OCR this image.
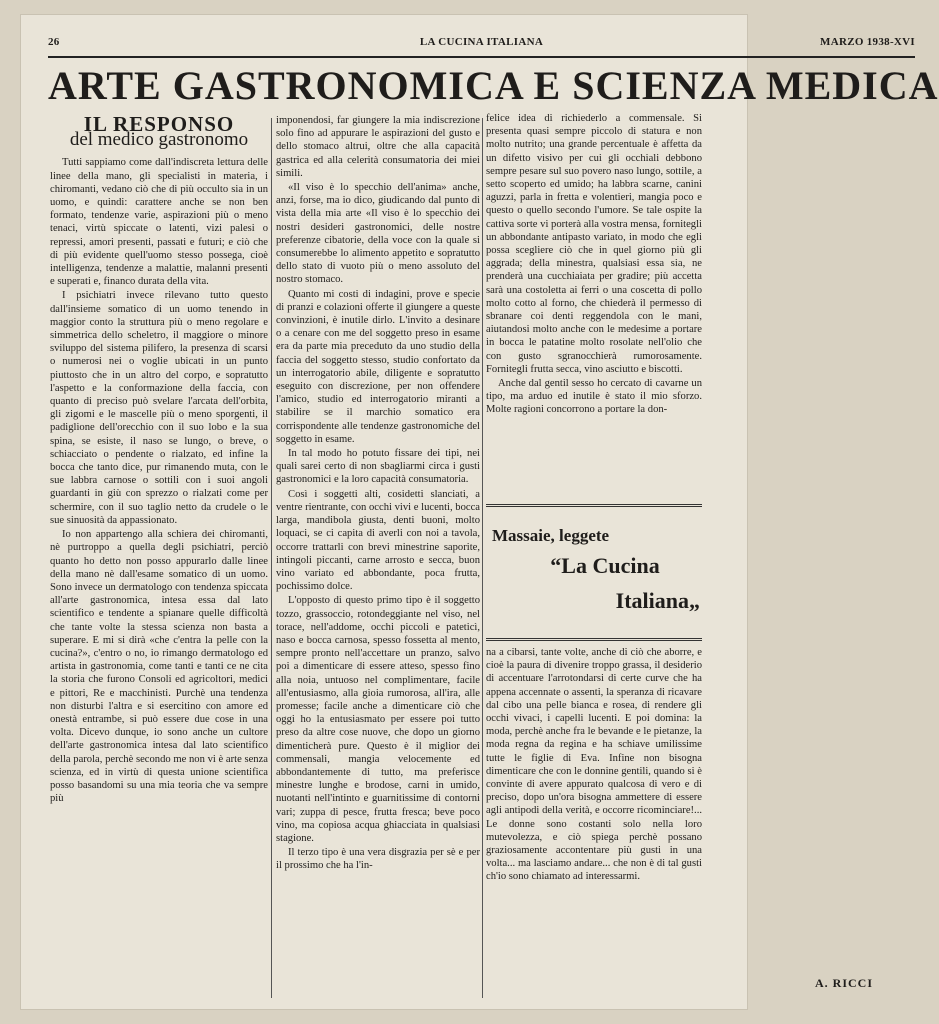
26	LA CUCINA ITALIANA	MARZO 1938-XVI
ARTE GASTRONOMICA E SCIENZA MEDICA
IL RESPONSO
del medico gastronomo

Tutti sappiamo come dall'indiscreta lettura delle linee della mano, gli specialisti in materia, i chiromanti, vedano ciò che di più occulto sia in un uomo, e quindi: carattere anche se non ben formato, tendenze varie, aspirazioni più o meno tenaci, virtù spiccate o latenti, vizi palesi o repressi, amori presenti, passati e futuri; e ciò che di più evidente quell'uomo stesso possega, cioè intelligenza, tendenze a malattie, malanni presenti e superati e, financo durata della vita.

I psichiatri invece rilevano tutto questo dall'insieme somatico di un uomo tenendo in maggior conto la struttura più o meno regolare e simmetrica dello scheletro, il maggiore o minore sviluppo del sistema pilifero, la presenza di scarsi o numerosi nei o voglie ubicati in un punto piuttosto che in un altro del corpo, e sopratutto l'aspetto e la conformazione della faccia, con quanto di preciso può svelare l'arcata dell'orbita, gli zigomi e le mascelle più o meno sporgenti, il padiglione dell'orecchio con il suo lobo e la sua spina, se esiste, il naso se lungo, o breve, o schiacciato o pendente o rialzato, ed infine la bocca che tanto dice, pur rimanendo muta, con le sue labbra carnose o sottili con i suoi angoli guardanti in giù con sprezzo o rialzati come per schermire, con il suo taglio netto da crudele o le sue sinuosità da appassionato.

Io non appartengo alla schiera dei chiromanti, nè purtroppo a quella degli psichiatri, perciò quanto ho detto non posso appurarlo dalle linee della mano nè dall'esame somatico di un uomo. Sono invece un dermatologo con tendenza spiccata all'arte gastronomica, intesa essa dal lato scientifico e tendente a spianare quelle difficoltà che tante volte la stessa scienza non basta a superare. E mi si dirà «che c'entra la pelle con la cucina?», c'entro o no, io rimango dermatologo ed artista in gastronomia, come tanti e tanti ce ne cita la storia che furono Consoli ed agricoltori, medici e pittori, Re e macchinisti. Purchè una tendenza non disturbi l'altra e si esercitino con amore ed onestà entrambe, si può essere due cose in una volta. Dicevo dunque, io sono anche un cultore dell'arte gastronomica intesa dal lato scientifico della parola, perchè secondo me non vi è arte senza scienza, ed in virtù di questa unione scientifica posso basandomi su una mia teoria che va sempre più

imponendosi, far giungere la mia indiscrezione solo fino ad appurare le aspirazioni del gusto e dello stomaco altrui, oltre che alla capacità gastrica ed alla celerità consumatoria dei miei simili.

«Il viso è lo specchio dell'anima» anche, anzi, forse, ma io dico, giudicando dal punto di vista della mia arte «Il viso è lo specchio dei nostri desideri gastronomici, delle nostre preferenze cibatorie, della voce con la quale si consumerebbe lo alimento appetito e sopratutto dello stato di vuoto più o meno assoluto del nostro stomaco.

Quanto mi costi di indagini, prove e specie di pranzi e colazioni offerte il giungere a queste convinzioni, è inutile dirlo. L'invito a desinare o a cenare con me del soggetto preso in esame era da parte mia preceduto da uno studio della faccia del soggetto stesso, studio confortato da un interrogatorio abile, diligente e sopratutto eseguito con discrezione, per non offendere l'amico, studio ed interrogatorio miranti a stabilire se il marchio somatico era corrispondente alle tendenze gastronomiche del soggetto in esame.

In tal modo ho potuto fissare dei tipi, nei quali sarei certo di non sbagliarmi circa i gusti gastronomici e la loro capacità consumatoria.

Così i soggetti alti, cosidetti slanciati, a ventre rientrante, con occhi vivi e lucenti, bocca larga, mandibola giusta, denti buoni, molto loquaci, se ci capita di averli con noi a tavola, occorre trattarli con brevi minestrine saporite, intingoli piccanti, carne arrosto e secca, buon vino variato ed abbondante, poca frutta, pochissimo dolce.

L'opposto di questo primo tipo è il soggetto tozzo, grassoccio, rotondeggiante nel viso, nel torace, nell'addome, occhi piccoli e pateticì, naso e bocca carnosa, spesso fossetta al mento, sempre pronto nell'accettare un pranzo, salvo poi a dimenticare di essere atteso, spesso fino alla noia, untuoso nel complimentare, facile all'entusiasmo, alla gioia rumorosa, all'ira, alle promesse; facile anche a dimenticare ciò che oggi ho la entusiasmato per essere poi tutto preso da altre cose nuove, che dopo un giorno dimenticherà pure. Questo è il miglior dei commensali, mangia velocemente ed abbondantemente di tutto, ma preferisce minestre lunghe e brodose, carni in umido, nuotanti nell'intinto e guarnitissime di contorni vari; zuppa di pesce, frutta fresca; beve poco vino, ma copiosa acqua ghiacciata in qualsiasi stagione.

Il terzo tipo è una vera disgrazia per sè e per il prossimo che ha l'in-

felice idea di richiederlo a commensale. Si presenta quasi sempre piccolo di statura e non molto nutrito; una grande percentuale è affetta da un difetto visivo per cui gli occhiali debbono sempre pesare sul suo povero naso lungo, sottile, a setto scoperto ed umido; ha labbra scarne, canini aguzzi, parla in fretta e volentieri, mangia poco e questo o quello secondo l'umore. Se tale ospite la cattiva sorte vi porterà alla vostra mensa, fornitegli un abbondante antipasto variato, in modo che egli possa scegliere ciò che in quel giorno più gli aggrada; della minestra, qualsiasi essa sia, ne prenderà una cucchiaiata per gradire; più accetta sarà una costoletta ai ferri o una coscetta di pollo molto cotto al forno, che chiederà il permesso di sbranare coi denti reggendola con le mani, aiutandosi molto anche con le medesime a portare in bocca le patatine molto rosolate nell'olio che con gusto sgranocchierà rumorosamente. Fornitegli frutta secca, vino asciutto e biscotti.

Anche dal gentil sesso ho cercato di cavarne un tipo, ma arduo ed inutile è stato il mio sforzo. Molte ragioni concorrono a portare la don-

Massaie, leggete
“La Cucina
Italiana„

na a cibarsi, tante volte, anche di ciò che aborre, e cioè la paura di divenire troppo grassa, il desiderio di accentuare l'arrotondarsi di certe curve che ha appena accennate o assenti, la speranza di ricavare dal cibo una pelle bianca e rosea, di rendere gli occhi vivaci, i capelli lucenti. E poi domina: la moda, perchè anche fra le bevande e le pietanze, la moda regna da regina e ha schiave umilissime tutte le figlie di Eva. Infine non bisogna dimenticare che con le donnine gentili, quando si è convinte di avere appurato qualcosa di vero e di preciso, dopo un'ora bisogna ammettere di essere agli antipodi della verità, e occorre ricominciare!... Le donne sono costanti solo nella loro mutevolezza, e ciò spiega perchè possano graziosamente accontentare più gusti in una volta... ma lasciamo andare... che non è di tal gusti ch'io sono chiamato ad interessarmi.

A. RICCI
